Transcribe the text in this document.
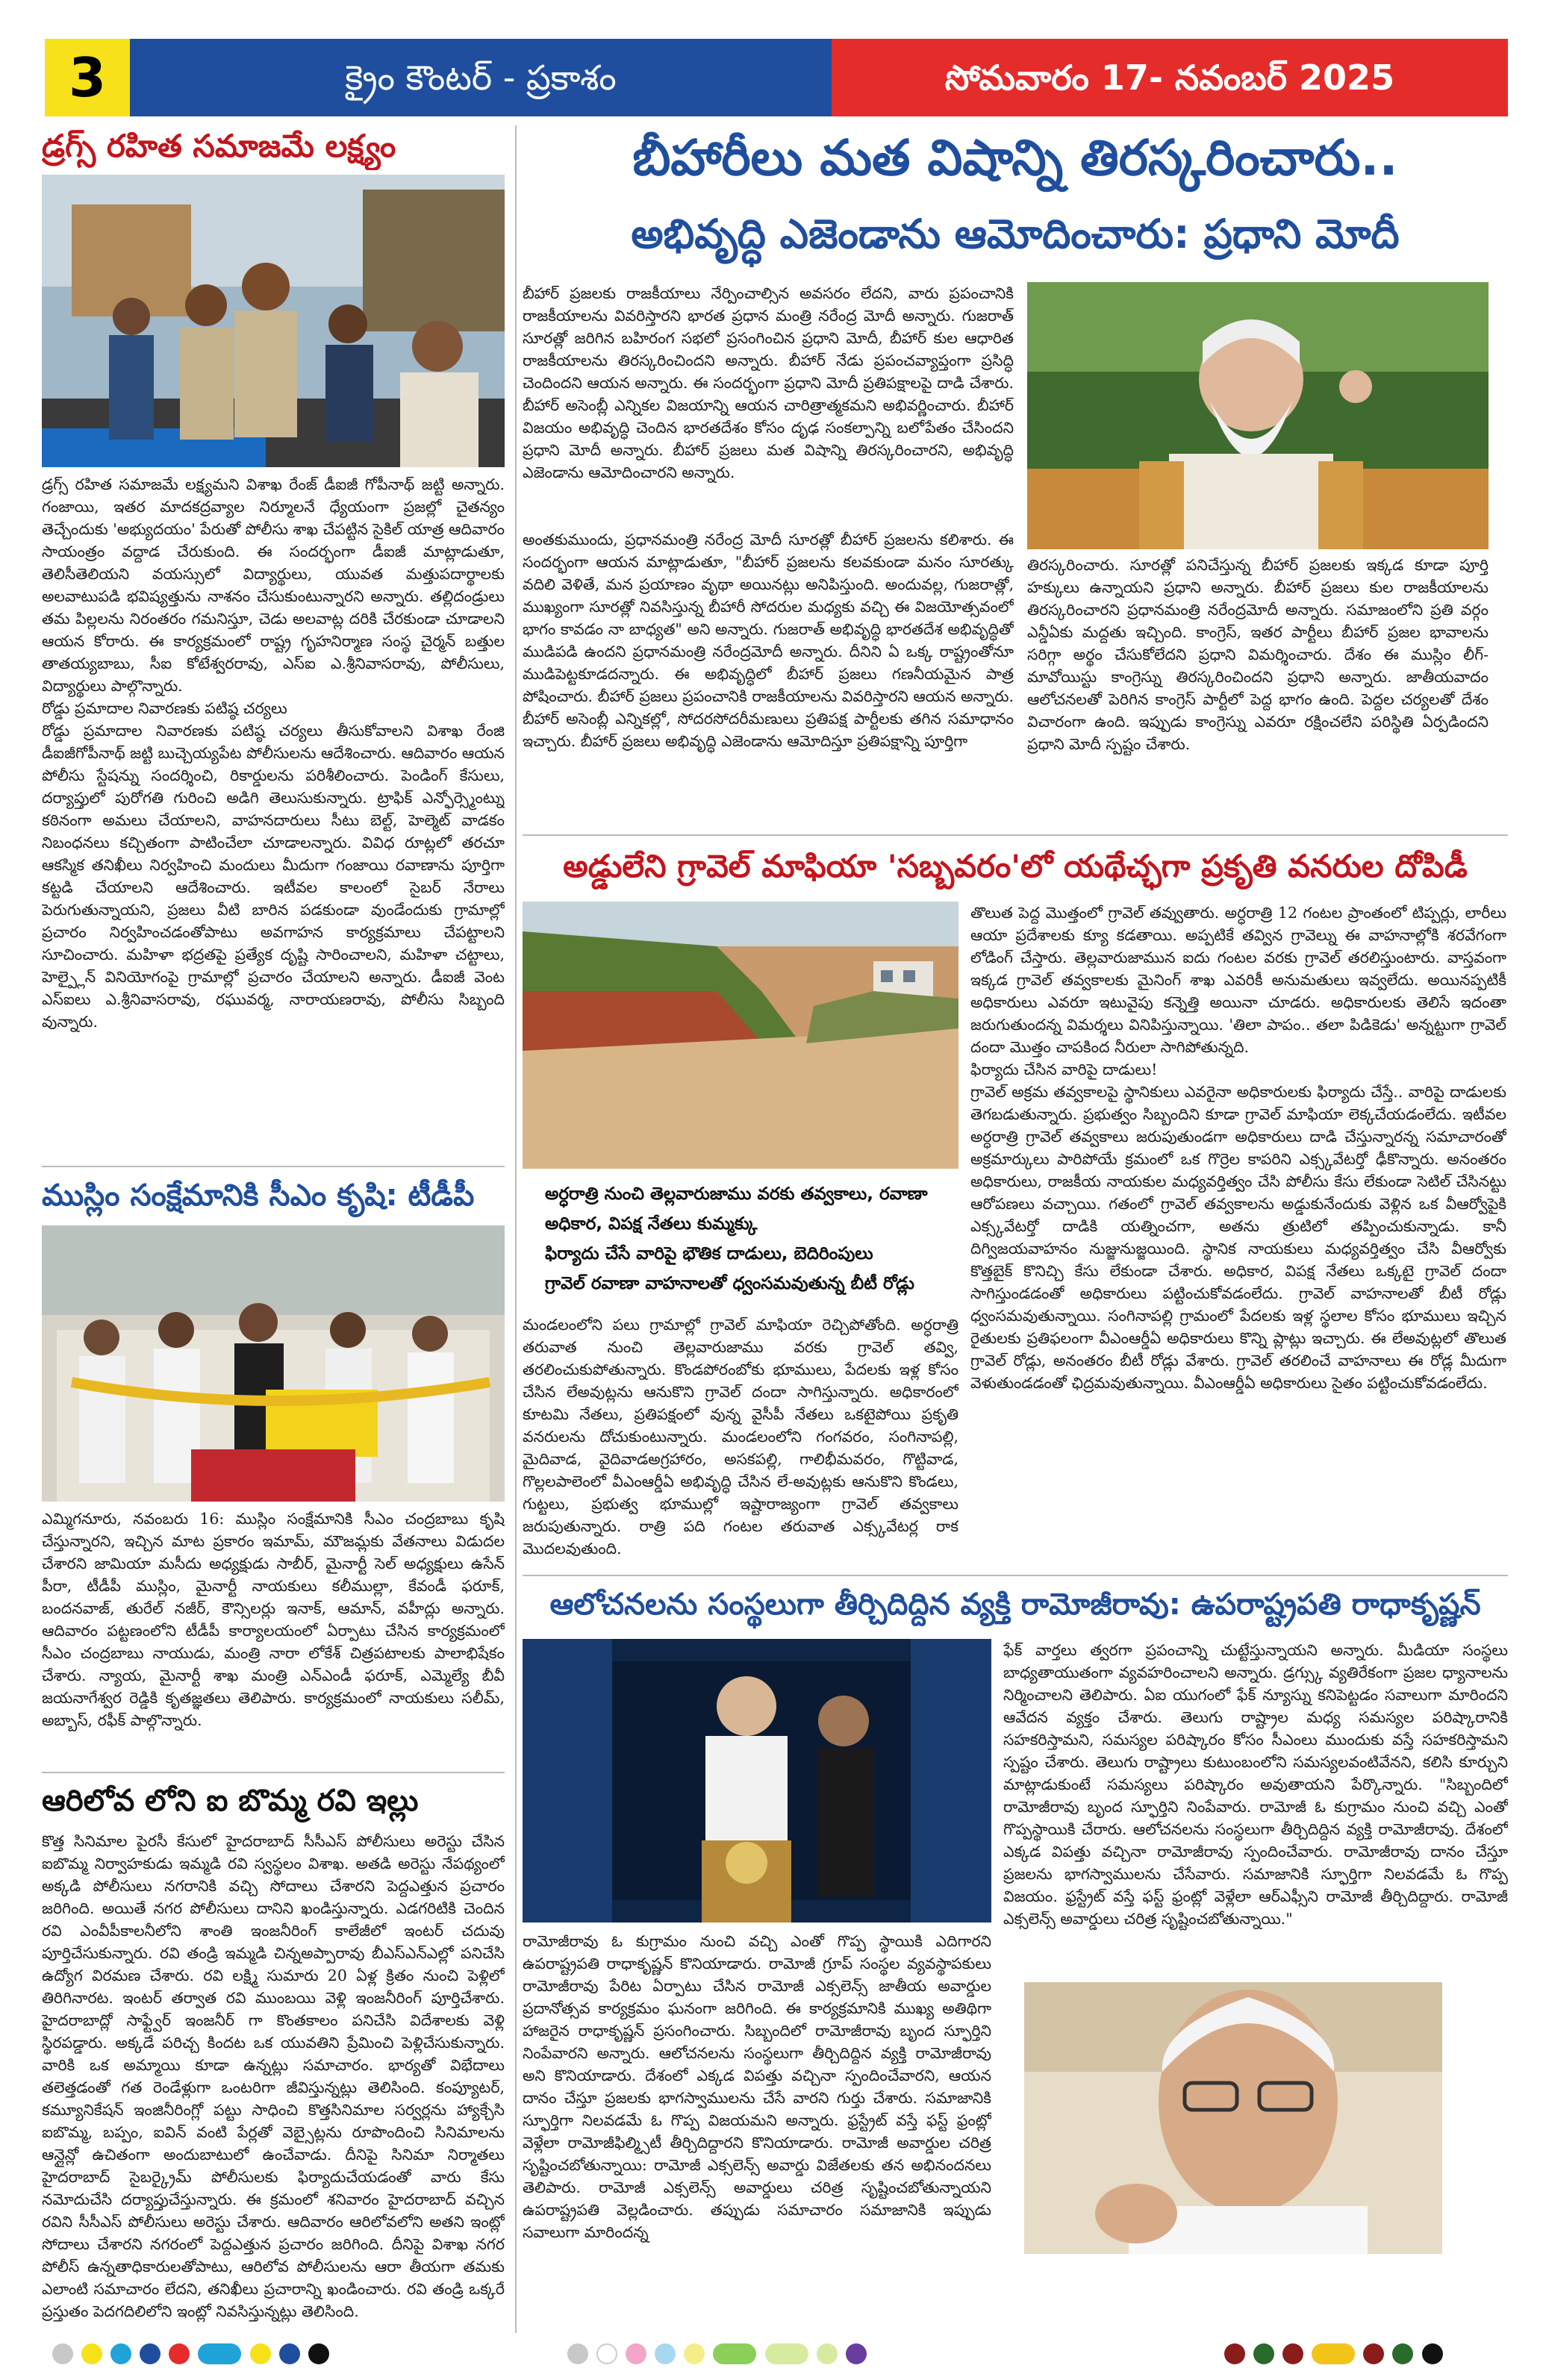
3	క్రైం కౌంటర్ - ప్రకాశం	సోమవారం 17- నవంబర్ 2025
డ్రగ్స్ రహిత సమాజమే లక్ష్యం
డ్రగ్స్ రహిత సమాజమే లక్ష్యమని విశాఖ రేంజ్ డీఐజీ గోపీనాథ్ జట్టి అన్నారు. గంజాయి, ఇతర మాదకద్రవ్యాల నిర్మూలనే ధ్యేయంగా ప్రజల్లో చైతన్యం తెచ్చేందుకు 'అభ్యుదయం' పేరుతో పోలీసు శాఖ చేపట్టిన సైకిల్ యాత్ర ఆదివారం సాయంత్రం వద్దాడ చేరుకుంది. ఈ సందర్భంగా డీఐజీ మాట్లాడుతూ, తెలిసీతెలియని వయస్సులో విద్యార్థులు, యువత మత్తుపదార్థాలకు అలవాటుపడి భవిష్యత్తును నాశనం చేసుకుంటున్నారని అన్నారు. తల్లిదండ్రులు తమ పిల్లలను నిరంతరం గమనిస్తూ, చెడు అలవాట్ల దరికి చేరకుండా చూడాలని ఆయన కోరారు. ఈ కార్యక్రమంలో రాష్ట్ర గృహనిర్మాణ సంస్థ చైర్మన్ బత్తుల తాతయ్యబాబు, సీఐ కోటేశ్వరరావు, ఎస్ఐ ఎ.శ్రీనివాసరావు, పోలీసులు, విద్యార్థులు పాల్గొన్నారు.
రోడ్డు ప్రమాదాల నివారణకు పటిష్ఠ చర్యలు
రోడ్డు ప్రమాదాల నివారణకు పటిష్ఠ చర్యలు తీసుకోవాలని విశాఖ రేంజి డీఐజీగోపీనాథ్ జట్టి బుచ్చెయ్యపేట పోలీసులను ఆదేశించారు. ఆదివారం ఆయన పోలీసు స్టేషన్ను సందర్శించి, రికార్డులను పరిశీలించారు. పెండింగ్ కేసులు, దర్యాప్తులో పురోగతి గురించి అడిగి తెలుసుకున్నారు. ట్రాఫిక్ ఎన్ఫోర్స్మెంట్ను కఠినంగా అమలు చేయాలని, వాహనదారులు సీటు బెల్ట్, హెల్మెట్ వాడకం నిబంధనలు కచ్చితంగా పాటించేలా చూడాలన్నారు. వివిధ రూట్లలో తరచూ ఆకస్మిక తనిఖీలు నిర్వహించి మందులు మీదుగా గంజాయి రవాణాను పూర్తిగా కట్టడి చేయాలని ఆదేశించారు. ఇటీవల కాలంలో సైబర్ నేరాలు పెరుగుతున్నాయని, ప్రజలు వీటి బారిన పడకుండా వుండేందుకు గ్రామాల్లో ప్రచారం నిర్వహించడంతోపాటు అవగాహన కార్యక్రమాలు చేపట్టాలని సూచించారు. మహిళా భద్రతపై ప్రత్యేక దృష్టి సారించాలని, మహిళా చట్టాలు, హెల్ప్లైన్ వినియోగంపై గ్రామాల్లో ప్రచారం చేయాలని అన్నారు. డీఐజీ వెంట ఎస్ఐలు ఎ.శ్రీనివాసరావు, రఘువర్మ, నారాయణరావు, పోలీసు సిబ్బంది వున్నారు.
ముస్లిం సంక్షేమానికి సీఎం కృషి: టీడీపీ
ఎమ్మిగనూరు, నవంబరు 16: ముస్లిం సంక్షేమానికి సీఎం చంద్రబాబు కృషి చేస్తున్నారని, ఇచ్చిన మాట ప్రకారం ఇమామ్, మౌజమ్లకు వేతనాలు విడుదల చేశారని జామియా మసీదు అధ్యక్షుడు సాబీర్, మైనార్టీ సెల్ అధ్యక్షులు ఉసేన్ పీరా, టీడీపీ ముస్లిం, మైనార్టీ నాయకులు కలీముల్లా, కేవండీ ఫరూక్, బందనవాజ్, తురేల్ నజీర్, కౌన్సిలర్లు ఇనాక్, ఆమాన్, వహీద్లు అన్నారు. ఆదివారం పట్టణంలోని టీడీపీ కార్యాలయంలో ఏర్పాటు చేసిన కార్యక్రమంలో సీఎం చంద్రబాబు నాయుడు, మంత్రి నారా లోకేశ్ చిత్రపటాలకు పాలాభిషేకం చేశారు. న్యాయ, మైనార్టీ శాఖ మంత్రి ఎన్ఎండీ ఫరూక్, ఎమ్మెల్యే బీవీ జయనాగేశ్వర రెడ్డికి కృతజ్ఞతలు తెలిపారు. కార్యక్రమంలో నాయకులు సలీమ్, అబ్బాస్, రఫీక్ పాల్గొన్నారు.
ఆరిలోవ లోని ఐ బొమ్మ రవి ఇల్లు
కొత్త సినిమాల పైరసీ కేసులో హైదరాబాద్ సీసీఎస్ పోలీసులు అరెస్టు చేసిన ఐబొమ్మ నిర్వాహకుడు ఇమ్మడి రవి స్వస్థలం విశాఖ. అతడి అరెస్టు నేపథ్యంలో అక్కడి పోలీసులు నగరానికి వచ్చి సోదాలు చేశారని పెద్దఎత్తున ప్రచారం జరిగింది. అయితే నగర పోలీసులు దానిని ఖండిస్తున్నారు. ఎడగరిటికి చెందిన రవి ఎంవీపీకాలనీలోని శాంతి ఇంజనీరింగ్ కాలేజీలో ఇంటర్ చదువు పూర్తిచేసుకున్నారు. రవి తండ్రి ఇమ్మడి చిన్నఅప్పారావు బీఎస్ఎన్ఎల్లో పనిచేసి ఉద్యోగ విరమణ చేశారు. రవి లక్ష్మి సుమారు 20 ఏళ్ల క్రితం నుంచి పెళ్లిలో తిరిగినారట. ఇంటర్ తర్వాత రవి ముంబయి వెళ్లి ఇంజనీరింగ్ పూర్తిచేశారు. హైదరాబాద్లో సాఫ్ట్వేర్ ఇంజనీర్ గా కొంతకాలం పనిచేసి విదేశాలకు వెళ్లి స్థిరపడ్డారు. అక్కడే పరిచ్చ కిందట ఒక యువతిని ప్రేమించి పెళ్లిచేసుకున్నారు. వారికి ఒక అమ్మాయి కూడా ఉన్నట్లు సమాచారం. భార్యతో విభేదాలు తలెత్తడంతో గత రెండేళ్లుగా ఒంటరిగా జీవిస్తున్నట్లు తెలిసింది. కంప్యూటర్, కమ్యూనికేషన్ ఇంజినీరింగ్లో పట్టు సాధించి కొత్తసినిమాల సర్వర్లను హ్యాక్చేసి ఐబొమ్మ, బప్పం, ఐవిన్ వంటి పేర్లతో వెబ్సైట్లను రూపొందించి సినిమాలను ఆన్లైన్లో ఉచితంగా అందుబాటులో ఉంచేవాడు. దీనిపై సినిమా నిర్మాతలు హైదరాబాద్ సైబర్క్రైమ్ పోలీసులకు ఫిర్యాదుచేయడంతో వారు కేసు నమోదుచేసి దర్యాప్తుచేస్తున్నారు. ఈ క్రమంలో శనివారం హైదరాబాద్ వచ్చిన రవిని సీసీఎస్ పోలీసులు అరెస్టు చేశారు. ఆదివారం ఆరిలోవలోని అతని ఇంట్లో సోదాలు చేశారని నగరంలో పెద్దఎత్తున ప్రచారం జరిగింది. దీనిపై విశాఖ నగర పోలీస్ ఉన్నతాధికారులతోపాటు, ఆరిలోవ పోలీసులను ఆరా తీయగా తమకు ఎలాంటి సమాచారం లేదని, తనిఖీలు ప్రచారాన్ని ఖండించారు. రవి తండ్రి ఒక్కరే ప్రస్తుతం పెదగదిలిలోని ఇంట్లో నివసిస్తున్నట్లు తెలిసింది.
బీహారీలు మత విషాన్ని తిరస్కరించారు..
అభివృద్ధి ఎజెండాను ఆమోదించారు: ప్రధాని మోదీ
బీహార్ ప్రజలకు రాజకీయాలు నేర్పించాల్సిన అవసరం లేదని, వారు ప్రపంచానికి రాజకీయాలను వివరిస్తారని భారత ప్రధాన మంత్రి నరేంద్ర మోదీ అన్నారు. గుజరాత్ సూరత్లో జరిగిన బహిరంగ సభలో ప్రసంగించిన ప్రధాని మోదీ, బీహార్ కుల ఆధారిత రాజకీయాలను తిరస్కరించిందని అన్నారు. బీహార్ నేడు ప్రపంచవ్యాప్తంగా ప్రసిద్ధి చెందిందని ఆయన అన్నారు. ఈ సందర్భంగా ప్రధాని మోదీ ప్రతిపక్షాలపై దాడి చేశారు. బీహార్ అసెంబ్లీ ఎన్నికల విజయాన్ని ఆయన చారిత్రాత్మకమని అభివర్ణించారు. బీహార్ విజయం అభివృద్ధి చెందిన భారతదేశం కోసం దృఢ సంకల్పాన్ని బలోపేతం చేసిందని ప్రధాని మోదీ అన్నారు. బీహార్ ప్రజలు మత విషాన్ని తిరస్కరించారని, అభివృద్ధి ఎజెండాను ఆమోదించారని అన్నారు.
అంతకుముందు, ప్రధానమంత్రి నరేంద్ర మోదీ సూరత్లో బీహార్ ప్రజలను కలిశారు. ఈ సందర్భంగా ఆయన మాట్లాడుతూ, "బీహార్ ప్రజలను కలవకుండా మనం సూరత్కు వదిలి వెళితే, మన ప్రయాణం వృథా అయినట్లు అనిపిస్తుంది. అందువల్ల, గుజరాత్లో, ముఖ్యంగా సూరత్లో నివసిస్తున్న బీహారీ సోదరుల మధ్యకు వచ్చి ఈ విజయోత్సవంలో భాగం కావడం నా బాధ్యత" అని అన్నారు. గుజరాత్ అభివృద్ధి భారతదేశ అభివృద్ధితో ముడిపడి ఉందని ప్రధానమంత్రి నరేంద్రమోదీ అన్నారు. దీనిని ఏ ఒక్క రాష్ట్రంతోనూ ముడిపెట్టకూడదన్నారు. ఈ అభివృద్ధిలో బీహార్ ప్రజలు గణనీయమైన పాత్ర పోషించారు. బీహార్ ప్రజలు ప్రపంచానికి రాజకీయాలను వివరిస్తారని ఆయన అన్నారు. బీహార్ అసెంబ్లీ ఎన్నికల్లో, సోదరసోదరీమణులు ప్రతిపక్ష పార్టీలకు తగిన సమాధానం ఇచ్చారు. బీహార్ ప్రజలు అభివృద్ధి ఎజెండాను ఆమోదిస్తూ ప్రతిపక్షాన్ని పూర్తిగా
తిరస్కరించారు. సూరత్లో పనిచేస్తున్న బీహార్ ప్రజలకు ఇక్కడ కూడా పూర్తి హక్కులు ఉన్నాయని ప్రధాని అన్నారు. బీహార్ ప్రజలు కుల రాజకీయాలను తిరస్కరించారని ప్రధానమంత్రి నరేంద్రమోదీ అన్నారు. సమాజంలోని ప్రతి వర్గం ఎన్డీఏకు మద్దతు ఇచ్చింది. కాంగ్రెస్, ఇతర పార్టీలు బీహార్ ప్రజల భావాలను సరిగ్గా అర్థం చేసుకోలేదని ప్రధాని విమర్శించారు. దేశం ఈ ముస్లిం లీగ్-మావోయిస్టు కాంగ్రెస్ను తిరస్కరించిందని ప్రధాని అన్నారు. జాతీయవాదం ఆలోచనలతో పెరిగిన కాంగ్రెస్ పార్టీలో పెద్ద భాగం ఉంది. పెద్దల చర్యలతో దేశం విచారంగా ఉంది. ఇప్పుడు కాంగ్రెస్ను ఎవరూ రక్షించలేని పరిస్థితి ఏర్పడిందని ప్రధాని మోదీ స్పష్టం చేశారు.
అడ్డులేని గ్రావెల్ మాఫియా 'సబ్బవరం'లో యథేచ్ఛగా ప్రకృతి వనరుల దోపిడీ
అర్ధరాత్రి నుంచి తెల్లవారుజాము వరకు తవ్వకాలు, రవాణా
అధికార, విపక్ష నేతలు కుమ్మక్కు
ఫిర్యాదు చేసే వారిపై భౌతిక దాడులు, బెదిరింపులు
గ్రావెల్ రవాణా వాహనాలతో ధ్వంసమవుతున్న బీటీ రోడ్లు
మండలంలోని పలు గ్రామాల్లో గ్రావెల్ మాఫియా రెచ్చిపోతోంది. అర్ధరాత్రి తరువాత నుంచి తెల్లవారుజాము వరకు గ్రావెల్ తవ్వి, తరలించుకుపోతున్నారు. కొండపోరంబోకు భూములు, పేదలకు ఇళ్ల కోసం చేసిన లేఅవుట్లను ఆనుకొని గ్రావెల్ దందా సాగిస్తున్నారు. అధికారంలో కూటమి నేతలు, ప్రతిపక్షంలో వున్న వైసీపీ నేతలు ఒకటైపోయి ప్రకృతి వనరులను దోచుకుంటున్నారు. మండలంలోని గంగవరం, సంగినాపల్లి, మైదివాడ, వైదివాడఅగ్రహారం, అసకపల్లి, గాలిభీమవరం, గొట్టివాడ, గొల్లలపాలెంలో వీఎంఆర్డీఏ అభివృద్ధి చేసిన లే-అవుట్లకు ఆనుకొని కొండలు, గుట్టలు, ప్రభుత్వ భూముల్లో ఇష్టారాజ్యంగా గ్రావెల్ తవ్వకాలు జరుపుతున్నారు. రాత్రి పది గంటల తరువాత ఎక్స్కవేటర్ల రాక మొదలవుతుంది.
తొలుత పెద్ద మొత్తంలో గ్రావెల్ తవ్వుతారు. అర్ధరాత్రి 12 గంటల ప్రాంతంలో టిప్పర్లు, లారీలు ఆయా ప్రదేశాలకు క్యూ కడతాయి. అప్పటికే తవ్విన గ్రావెల్ను ఈ వాహనాల్లోకి శరవేగంగా లోడింగ్ చేస్తారు. తెల్లవారుజామున ఐదు గంటల వరకు గ్రావెల్ తరలిస్తుంటారు. వాస్తవంగా ఇక్కడ గ్రావెల్ తవ్వకాలకు మైనింగ్ శాఖ ఎవరికీ అనుమతులు ఇవ్వలేదు. అయినప్పటికీ అధికారులు ఎవరూ ఇటువైపు కన్నెత్తి అయినా చూడరు. అధికారులకు తెలిసే ఇదంతా జరుగుతుందన్న విమర్శలు వినిపిస్తున్నాయి. 'తిలా పాపం.. తలా పిడికెడు' అన్నట్టుగా గ్రావెల్ దందా మొత్తం చాపకింద నీరులా సాగిపోతున్నది.
ఫిర్యాదు చేసిన వారిపై దాడులు!
గ్రావెల్ అక్రమ తవ్వకాలపై స్థానికులు ఎవరైనా అధికారులకు ఫిర్యాదు చేస్తే.. వారిపై దాడులకు తెగబడుతున్నారు. ప్రభుత్వం సిబ్బందిని కూడా గ్రావెల్ మాఫియా లెక్కచేయడంలేదు. ఇటీవల అర్ధరాత్రి గ్రావెల్ తవ్వకాలు జరుపుతుండగా అధికారులు దాడి చేస్తున్నారన్న సమాచారంతో అక్రమార్కులు పారిపోయే క్రమంలో ఒక గొర్రెల కాపరిని ఎక్స్కవేటర్తో ఢీకొన్నారు. అనంతరం అధికారులు, రాజకీయ నాయకుల మధ్యవర్తిత్వం చేసి పోలీసు కేసు లేకుండా సెటిల్ చేసినట్టు ఆరోపణలు వచ్చాయి. గతంలో గ్రావెల్ తవ్వకాలను అడ్డుకునేందుకు వెళ్లిన ఒక వీఆర్వోపైకి ఎక్స్కవేటర్తో దాడికి యత్నించగా, అతను త్రుటిలో తప్పించుకున్నాడు. కానీ దిగ్విజయవాహనం నుజ్జునుజ్జయింది. స్థానిక నాయకులు మధ్యవర్తిత్వం చేసి వీఆర్వోకు కొత్తబైక్ కొనిచ్చి కేసు లేకుండా చేశారు. అధికార, విపక్ష నేతలు ఒక్కటై గ్రావెల్ దందా సాగిస్తుండడంతో అధికారులు పట్టించుకోవడంలేదు. గ్రావెల్ వాహనాలతో బీటీ రోడ్లు ధ్వంసమవుతున్నాయి. సంగినాపల్లి గ్రామంలో పేదలకు ఇళ్ల స్థలాల కోసం భూములు ఇచ్చిన రైతులకు ప్రతిఫలంగా వీఎంఆర్డీఏ అధికారులు కొన్ని ప్లాట్లు ఇచ్చారు. ఈ లేఅవుట్లలో తొలుత గ్రావెల్ రోడ్లు, అనంతరం బీటీ రోడ్లు వేశారు. గ్రావెల్ తరలించే వాహనాలు ఈ రోడ్ల మీదుగా వెళుతుండడంతో ఛిద్రమవుతున్నాయి. వీఎంఆర్డీఏ అధికారులు సైతం పట్టించుకోవడంలేదు.
ఆలోచనలను సంస్థలుగా తీర్చిదిద్దిన వ్యక్తి రామోజీరావు: ఉపరాష్ట్రపతి రాధాకృష్ణన్
రామోజీరావు ఓ కుగ్రామం నుంచి వచ్చి ఎంతో గొప్ప స్థాయికి ఎదిగారని ఉపరాష్ట్రపతి రాధాకృష్ణన్ కొనియాడారు. రామోజీ గ్రూప్ సంస్థల వ్యవస్థాపకులు రామోజీరావు పేరిట ఏర్పాటు చేసిన రామోజీ ఎక్సలెన్స్ జాతీయ అవార్డుల ప్రదానోత్సవ కార్యక్రమం ఘనంగా జరిగింది. ఈ కార్యక్రమానికి ముఖ్య అతిథిగా హాజరైన రాధాకృష్ణన్ ప్రసంగించారు. సిబ్బందిలో రామోజీరావు బృంద స్ఫూర్తిని నింపేవారని అన్నారు. ఆలోచనలను సంస్థలుగా తీర్చిదిద్దిన వ్యక్తి రామోజీరావు అని కొనియాడారు. దేశంలో ఎక్కడ విపత్తు వచ్చినా స్పందించేవారని, ఆయన దానం చేస్తూ ప్రజలకు భాగస్వాములను చేసే వారని గుర్తు చేశారు. సమాజానికి స్ఫూర్తిగా నిలవడమే ఓ గొప్ప విజయమని అన్నారు. ఫ్రస్ట్రేట్ వస్తే ఫస్ట్ ఫ్రంట్లో వెళ్లేలా రామోజీఫిల్మ్సిటీ తీర్చిదిద్దారని కొనియాడారు. రామోజీ అవార్డుల చరిత్ర సృష్టించబోతున్నాయి: రామోజీ ఎక్సలెన్స్ అవార్డు విజేతలకు తన అభినందనలు తెలిపారు. రామోజీ ఎక్సలెన్స్ అవార్డులు చరిత్ర సృష్టించబోతున్నాయని ఉపరాష్ట్రపతి వెల్లడించారు. తప్పుడు సమాచారం సమాజానికి ఇప్పుడు సవాలుగా మారిందన్న
ఫేక్ వార్తలు త్వరగా ప్రపంచాన్ని చుట్టేస్తున్నాయని అన్నారు. మీడియా సంస్థలు బాధ్యతాయుతంగా వ్యవహరించాలని అన్నారు. డ్రగ్స్కు వ్యతిరేకంగా ప్రజల ధ్యానాలను నిర్మించాలని తెలిపారు. ఏఐ యుగంలో ఫేక్ న్యూస్ను కనిపెట్టడం సవాలుగా మారిందని ఆవేదన వ్యక్తం చేశారు. తెలుగు రాష్ట్రాల మధ్య సమస్యల పరిష్కారానికి సహకరిస్తామని, సమస్యల పరిష్కారం కోసం సీఎంలు ముందుకు వస్తే సహకరిస్తామని స్పష్టం చేశారు. తెలుగు రాష్ట్రాలు కుటుంబంలోని సమస్యలవంటివేనని, కలిసి కూర్చుని మాట్లాడుకుంటే సమస్యలు పరిష్కారం అవుతాయని పేర్కొన్నారు. "సిబ్బందిలో రామోజీరావు బృంద స్ఫూర్తిని నింపేవారు. రామోజీ ఓ కుగ్రామం నుంచి వచ్చి ఎంతో గొప్పస్థాయికి చేరారు. ఆలోచనలను సంస్థలుగా తీర్చిదిద్దిన వ్యక్తి రామోజీరావు. దేశంలో ఎక్కడ విపత్తు వచ్చినా రామోజీరావు స్పందించేవారు. రామోజీరావు దానం చేస్తూ ప్రజలను భాగస్వాములను చేసేవారు. సమాజానికి స్ఫూర్తిగా నిలవడమే ఓ గొప్ప విజయం. ఫ్రస్ట్రేట్ వస్తే ఫస్ట్ ఫ్రంట్లో వెళ్లేలా ఆర్ఎఫ్సీని రామోజీ తీర్చిదిద్దారు. రామోజీ ఎక్సలెన్స్ అవార్డులు చరిత్ర సృష్టించబోతున్నాయి."
